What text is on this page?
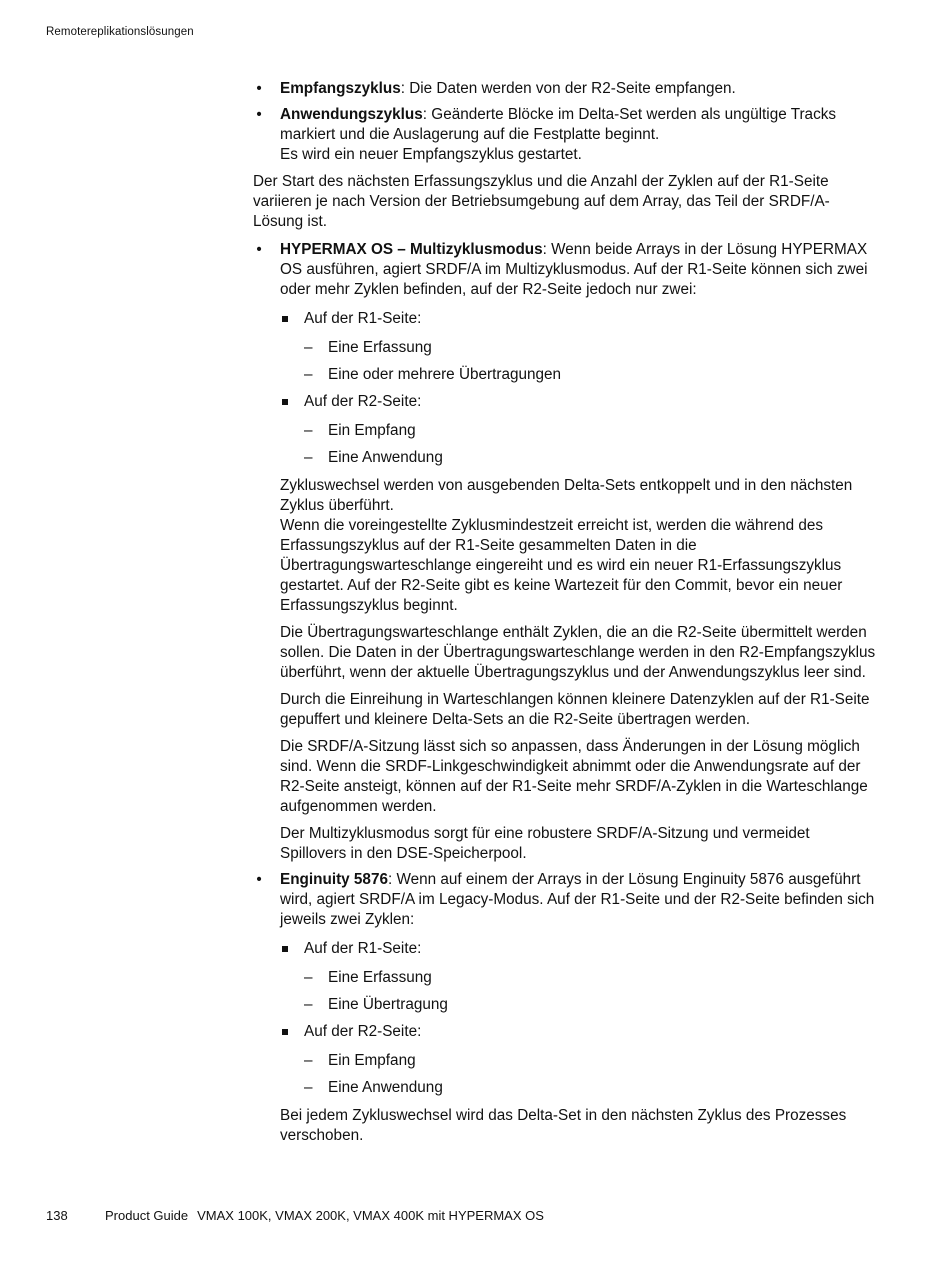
Remotereplikationslösungen
• Empfangszyklus: Die Daten werden von der R2-Seite empfangen.

• Anwendungszyklus: Geänderte Blöcke im Delta-Set werden als ungültige Tracks markiert und die Auslagerung auf die Festplatte beginnt.

Es wird ein neuer Empfangszyklus gestartet.

Der Start des nächsten Erfassungszyklus und die Anzahl der Zyklen auf der R1-Seite variieren je nach Version der Betriebsumgebung auf dem Array, das Teil der SRDF/A-Lösung ist.

• HYPERMAX OS – Multizyklusmodus: Wenn beide Arrays in der Lösung HYPERMAX OS ausführen, agiert SRDF/A im Multizyklusmodus. Auf der R1-Seite können sich zwei oder mehr Zyklen befinden, auf der R2-Seite jedoch nur zwei:

Auf der R1-Seite:

– Eine Erfassung

– Eine oder mehrere Übertragungen

Auf der R2-Seite:

– Ein Empfang

– Eine Anwendung

Zykluswechsel werden von ausgebenden Delta-Sets entkoppelt und in den nächsten Zyklus überführt.

Wenn die voreingestellte Zyklusmindestzeit erreicht ist, werden die während des Erfassungszyklus auf der R1-Seite gesammelten Daten in die Übertragungswarteschlange eingereiht und es wird ein neuer R1-Erfassungszyklus gestartet. Auf der R2-Seite gibt es keine Wartezeit für den Commit, bevor ein neuer Erfassungszyklus beginnt.

Die Übertragungswarteschlange enthält Zyklen, die an die R2-Seite übermittelt werden sollen. Die Daten in der Übertragungswarteschlange werden in den R2-Empfangszyklus überführt, wenn der aktuelle Übertragungszyklus und der Anwendungszyklus leer sind.

Durch die Einreihung in Warteschlangen können kleinere Datenzyklen auf der R1-Seite gepuffert und kleinere Delta-Sets an die R2-Seite übertragen werden.

Die SRDF/A-Sitzung lässt sich so anpassen, dass Änderungen in der Lösung möglich sind. Wenn die SRDF-Linkgeschwindigkeit abnimmt oder die Anwendungsrate auf der R2-Seite ansteigt, können auf der R1-Seite mehr SRDF/A-Zyklen in die Warteschlange aufgenommen werden.

Der Multizyklusmodus sorgt für eine robustere SRDF/A-Sitzung und vermeidet Spillovers in den DSE-Speicherpool.

• Enginuity 5876: Wenn auf einem der Arrays in der Lösung Enginuity 5876 ausgeführt wird, agiert SRDF/A im Legacy-Modus. Auf der R1-Seite und der R2-Seite befinden sich jeweils zwei Zyklen:

Auf der R1-Seite:

– Eine Erfassung

– Eine Übertragung

Auf der R2-Seite:

– Ein Empfang

– Eine Anwendung

Bei jedem Zykluswechsel wird das Delta-Set in den nächsten Zyklus des Prozesses verschoben.

138	Product Guide VMAX 100K, VMAX 200K, VMAX 400K mit HYPERMAX OS
